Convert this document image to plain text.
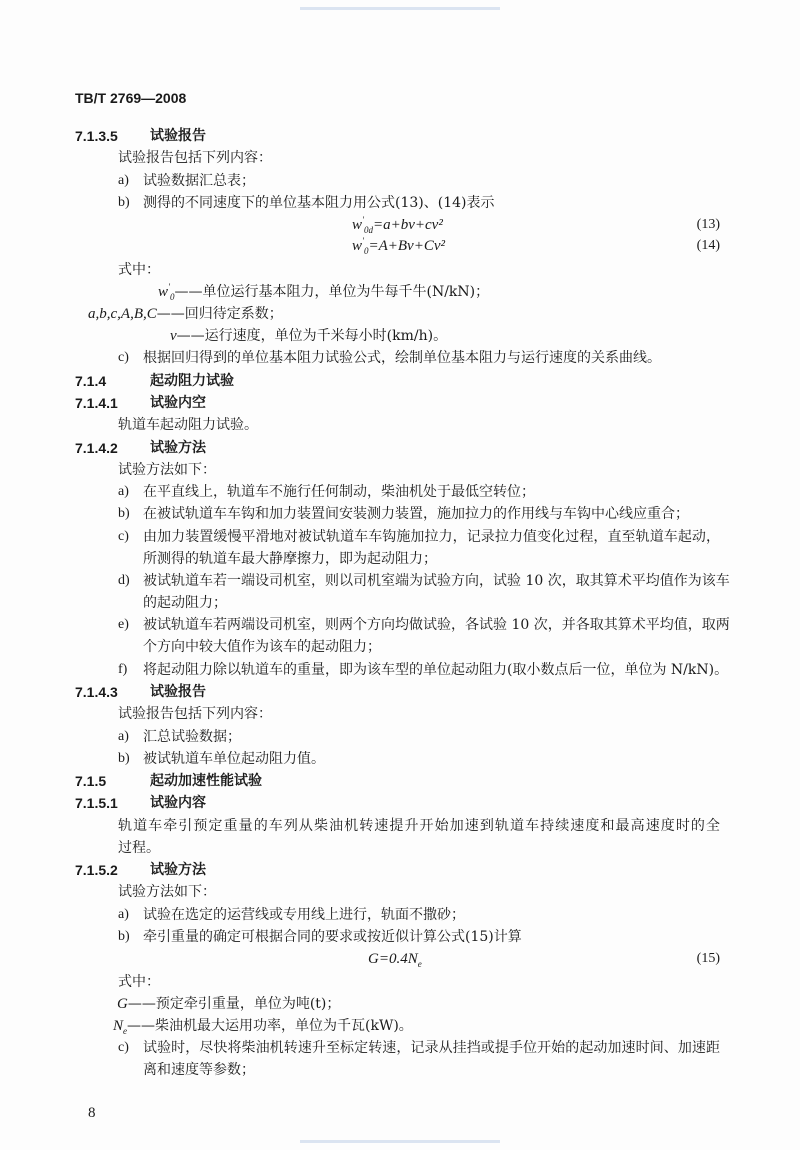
TB/T 2769—2008
7.1.3.5 试验报告
试验报告包括下列内容：
a) 试验数据汇总表；
b) 测得的不同速度下的单位基本阻力用公式(13)、(14)表示
$w'_{0d}=a+bv+cv^2$	(13)
$w'_0=A+Bv+Cv^2$	(14)
式中：
$w'_0——$单位运行基本阻力，单位为牛每千牛(N/kN)；
a,b,c,A,B,C——回归待定系数；
v——运行速度，单位为千米每小时(km/h)。
c) 根据回归得到的单位基本阻力试验公式，绘制单位基本阻力与运行速度的关系曲线。
7.1.4	起动阻力试验
7.1.4.1 试验内空
轨道车起动阻力试验。
7.1.4.2 试验方法
试验方法如下：
a) 在平直线上，轨道车不施行任何制动，柴油机处于最低空转位；
b) 在被试轨道车车钩和加力装置间安装测力装置，施加拉力的作用线与车钩中心线应重合；
c) 由加力装置缓慢平滑地对被试轨道车车钩施加拉力，记录拉力值变化过程，直至轨道车起动，
所测得的轨道车最大静摩擦力，即为起动阻力；
d) 被试轨道车若一端设司机室，则以司机室端为试验方向，试验 10 次，取其算术平均值作为该车
的起动阻力；
e) 被试轨道车若两端设司机室，则两个方向均做试验，各试验 10 次，并各取其算术平均值，取两
个方向中较大值作为该车的起动阻力；
f) 将起动阻力除以轨道车的重量，即为该车型的单位起动阻力(取小数点后一位，单位为 N/kN)。
7.1.4.3 试验报告
试验报告包括下列内容：
a) 汇总试验数据；
b) 被试轨道车单位起动阻力值。
7.1.5	起动加速性能试验
7.1.5.1 试验内容
轨道车牵引预定重量的车列从柴油机转速提升开始加速到轨道车持续速度和最高速度时的全
过程。
7.1.5.2 试验方法
试验方法如下：
a) 试验在选定的运营线或专用线上进行，轨面不撒砂；
b) 牵引重量的确定可根据合同的要求或按近似计算公式(15)计算
$G=0.4N_e$	(15)
式中：
G——预定牵引重量，单位为吨(t)；
$N_e——$柴油机最大运用功率，单位为千瓦(kW)。
c) 试验时，尽快将柴油机转速升至标定转速，记录从挂挡或提手位开始的起动加速时间、加速距
离和速度等参数；
8
